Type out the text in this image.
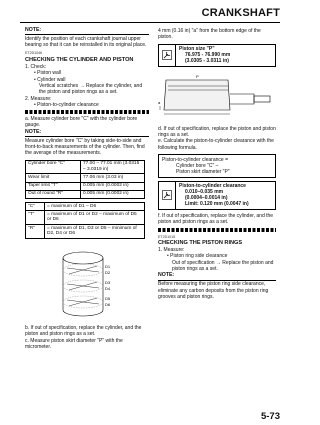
CRANKSHAFT
NOTE:
Identify the position of each crankshaft journal upper bearing so that it can be reinstalled in its original place.
ET2D1046
CHECKING THE CYLINDER AND PISTON
1. Check:
• Piston wall
• Cylinder wall
Vertical scratches → Replace the cylinder, and the piston and piston rings as a set.
2. Measure:
• Piston-to-cylinder clearance
a. Measure cylinder bore "C" with the cylinder bore gauge.
NOTE:
Measure cylinder bore "C" by taking side-to-side and front-to-back measurements of the cylinder. Then, find the average of the measurements.
Cylinder bore "C"	77.00 – 77.01 mm (3.0315 – 3.0319 in)
Wear limit	77.06 mm (3.03 in)
Taper limit "T"	0.005 mm (0.0002 in)
Out of round "R"	0.005 mm (0.0002 in)
"C"	= maximum of D1 – D6
"T"	= maximum of D1 or D2 – maximum of D5 or D6
"R"	= maximum of D1, D3 or D5 – minimum of D2, D4 or D6
D1
D2
D3
D4
D5
D6
b. If out of specification, replace the cylinder, and the piston and piston rings as a set.
c. Measure piston skirt diameter "P" with the micrometer.
4 mm (0.16 in) "a" from the bottom edge of the piston.
Piston size "P"
76.975 - 76.990 mm
(3.0305 - 3.0311 in)
a
P
d. If out of specification, replace the piston and piston rings as a set.
e. Calculate the piston-to-cylinder clearance with the following formula.
Piston-to-cylinder clearance =
Cylinder bore "C" –
Piston skirt diameter "P"
Piston-to-cylinder clearance
0.010–0.035 mm
(0.0004–0.0014 in)
Limit: 0.120 mm (0.0047 in)
f. If out of specification, replace the cylinder, and the piston and piston rings as a set.
ET2D1015
CHECKING THE PISTON RINGS
1. Measure:
• Piston ring side clearance
Out of specification → Replace the piston and piston rings as a set.
NOTE:
Before measuring the piston ring side clearance, eliminate any carbon deposits from the piston ring grooves and piston rings.
5-73
